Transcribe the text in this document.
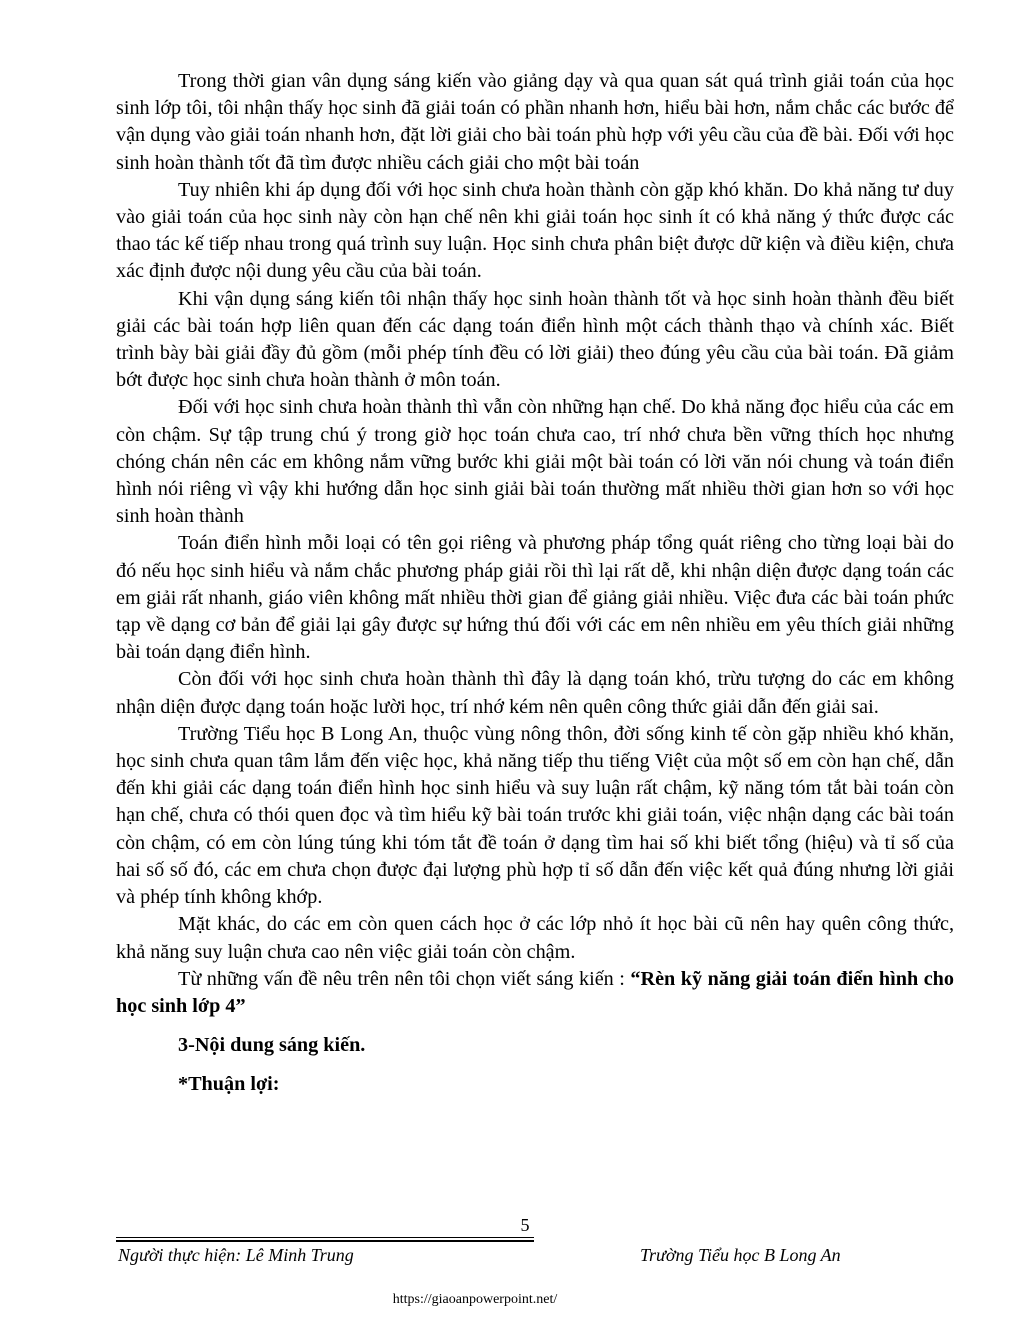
Trong thời gian vân dụng sáng kiến vào giảng dạy và qua quan sát quá trình giải toán của học sinh lớp tôi, tôi nhận thấy học sinh đã giải toán có phần nhanh hơn, hiểu bài hơn, nắm chắc các bước để vận dụng vào giải toán nhanh hơn, đặt lời giải cho bài toán phù hợp với yêu cầu của đề bài. Đối với học sinh hoàn thành tốt đã tìm được nhiều cách giải cho một bài toán

Tuy nhiên khi áp dụng đối với học sinh chưa hoàn thành còn gặp khó khăn. Do khả năng tư duy vào giải toán của học sinh này còn hạn chế nên khi giải toán học sinh ít có khả năng ý thức được các thao tác kế tiếp nhau trong quá trình suy luận. Học sinh chưa phân biệt được dữ kiện và điều kiện, chưa xác định được nội dung yêu cầu của bài toán.

Khi vận dụng sáng kiến tôi nhận thấy học sinh hoàn thành tốt và học sinh hoàn thành đều biết giải các bài toán hợp liên quan đến các dạng toán điển hình một cách thành thạo và chính xác. Biết trình bày bài giải đầy đủ gồm (mỗi phép tính đều có lời giải) theo đúng yêu cầu của bài toán. Đã giảm bớt được học sinh chưa hoàn thành ở môn toán.

Đối với học sinh chưa hoàn thành thì vẫn còn những hạn chế. Do khả năng đọc hiểu của các em còn chậm. Sự tập trung chú ý trong giờ học toán chưa cao, trí nhớ chưa bền vững thích học nhưng chóng chán nên các em không nắm vững bước khi giải một bài toán có lời văn nói chung và toán điển hình nói riêng vì vậy khi hướng dẫn học sinh giải bài toán thường mất nhiều thời gian hơn so với học sinh hoàn thành

Toán điển hình mỗi loại có tên gọi riêng và phương pháp tổng quát riêng cho từng loại bài do đó nếu học sinh hiểu và nắm chắc phương pháp giải rồi thì lại rất dễ, khi nhận diện được dạng toán các em giải rất nhanh, giáo viên không mất nhiều thời gian để giảng giải nhiều. Việc đưa các bài toán phức tạp về dạng cơ bản để giải lại gây được sự hứng thú đối với các em nên nhiều em yêu thích giải những bài toán dạng điển hình.

Còn đối với học sinh chưa hoàn thành thì đây là dạng toán khó, trừu tượng do các em không nhận diện được dạng toán hoặc lười học, trí nhớ kém nên quên công thức giải dẫn đến giải sai.

Trường Tiểu học B Long An, thuộc vùng nông thôn, đời sống kinh tế còn gặp nhiều khó khăn, học sinh chưa quan tâm lắm đến việc học, khả năng tiếp thu tiếng Việt của một số em còn hạn chế, dẫn đến khi giải các dạng toán điển hình học sinh hiểu và suy luận rất chậm, kỹ năng tóm tắt bài toán còn hạn chế, chưa có thói quen đọc và tìm hiểu kỹ bài toán trước khi giải toán, việc nhận dạng các bài toán còn chậm, có em còn lúng túng khi tóm tắt đề toán ở dạng tìm hai số khi biết tổng (hiệu) và tỉ số của hai số số đó, các em chưa chọn được đại lượng phù hợp tỉ số dẫn đến việc kết quả đúng nhưng lời giải và phép tính không khớp.

Mặt khác, do các em còn quen cách học ở các lớp nhỏ ít học bài cũ nên hay quên công thức, khả năng suy luận chưa cao nên việc giải toán còn chậm.

Từ những vấn đề nêu trên nên tôi chọn viết sáng kiến : “Rèn kỹ năng giải toán điển hình cho học sinh lớp 4”

3-Nội dung sáng kiến.

*Thuận lợi:

5
Người thực hiện: Lê Minh Trung	Trường Tiểu học B Long An
https://giaoanpowerpoint.net/
